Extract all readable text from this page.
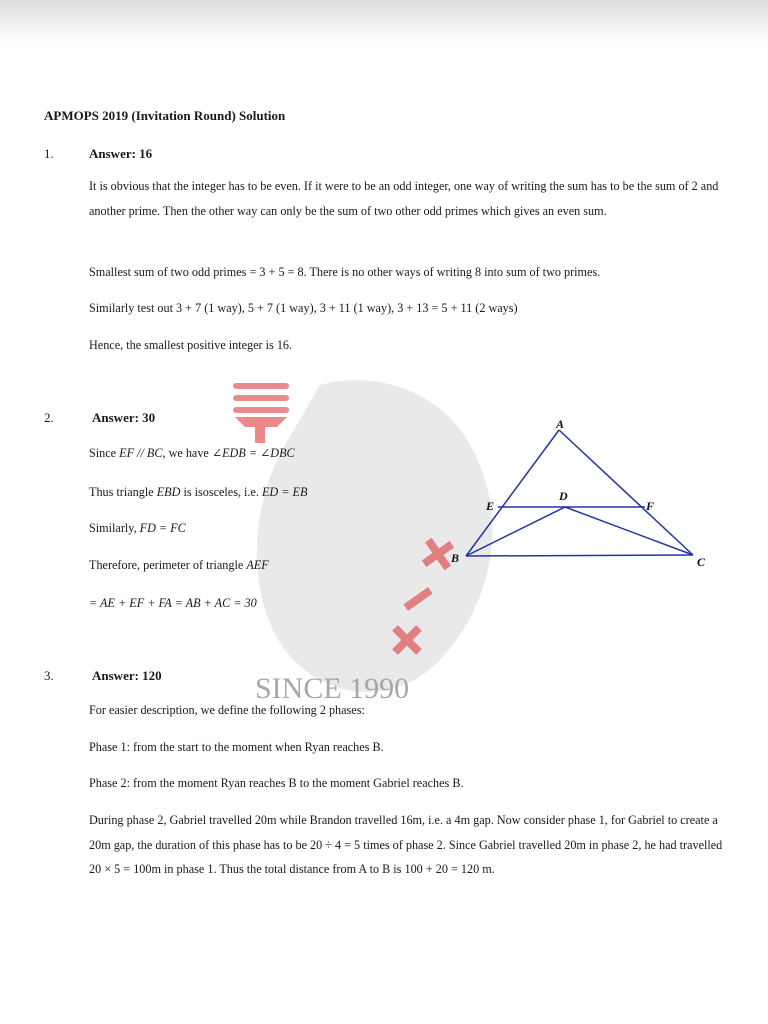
SINCE 1990
APMOPS 2019 (Invitation Round) Solution
1.	Answer: 16

It is obvious that the integer has to be even. If it were to be an odd integer, one way of writing the sum has to be the sum of 2 and another prime. Then the other way can only be the sum of two other odd primes which gives an even sum.

Smallest sum of two odd primes = 3 + 5 = 8. There is no other ways of writing 8 into sum of two primes.

Similarly test out 3 + 7 (1 way), 5 + 7 (1 way), 3 + 11 (1 way), 3 + 13 = 5 + 11 (2 ways)

Hence, the smallest positive integer is 16.

2.	Answer: 30

Since EF // BC, we have ∠EDB = ∠DBC

Thus triangle EBD is isosceles, i.e. ED = EB

Similarly, FD = FC

Therefore, perimeter of triangle AEF

= AE + EF + FA = AB + AC = 30

A
B	C
D
E	F
3.	Answer: 120

For easier description, we define the following 2 phases:

Phase 1: from the start to the moment when Ryan reaches B.

Phase 2: from the moment Ryan reaches B to the moment Gabriel reaches B.

During phase 2, Gabriel travelled 20m while Brandon travelled 16m, i.e. a 4m gap. Now consider phase 1, for Gabriel to create a 20m gap, the duration of this phase has to be 20 ÷ 4 = 5 times of phase 2. Since Gabriel travelled 20m in phase 2, he had travelled 20 × 5 = 100m in phase 1. Thus the total distance from A to B is 100 + 20 = 120 m.
